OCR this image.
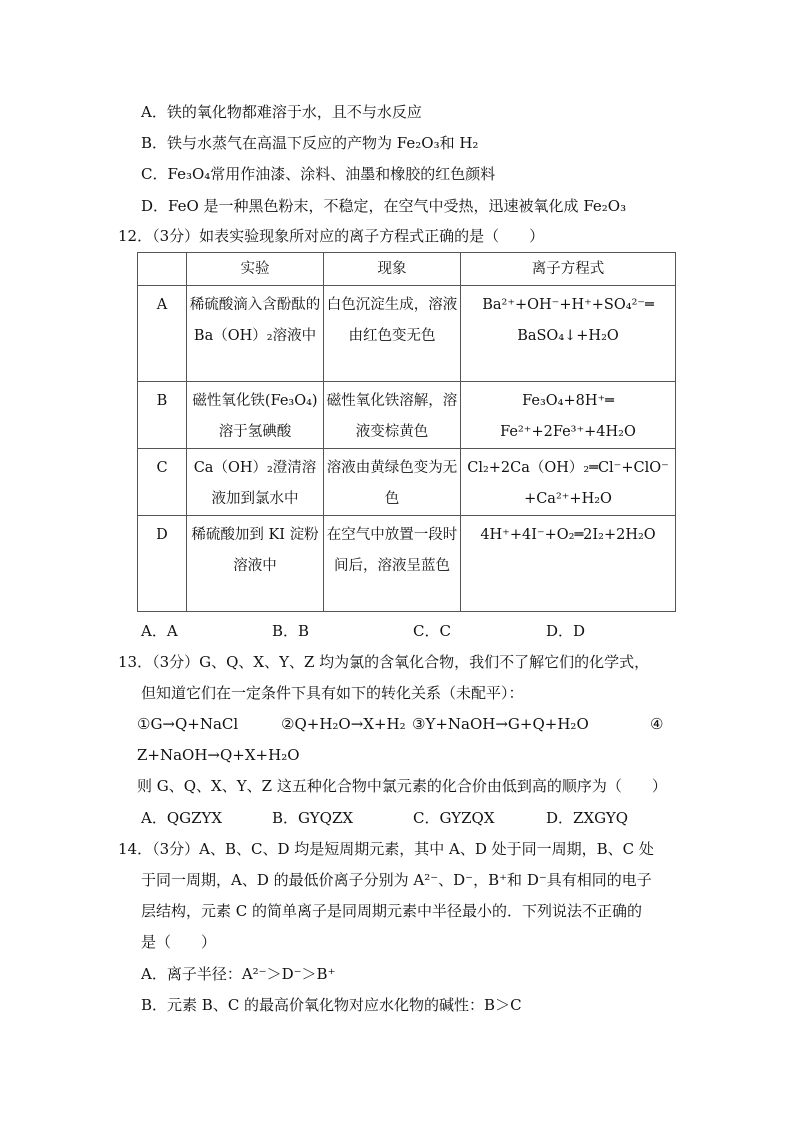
A．铁的氧化物都难溶于水，且不与水反应
B．铁与水蒸气在高温下反应的产物为 Fe₂O₃和 H₂
C．Fe₃O₄常用作油漆、涂料、油墨和橡胶的红色颜料
D．FeO 是一种黑色粉末，不稳定，在空气中受热，迅速被氧化成 Fe₂O₃
12．（3分）如表实验现象所对应的离子方程式正确的是（　　）
	实验	现象	离子方程式
A	稀硫酸滴入含酚酞的 Ba（OH）₂溶液中	白色沉淀生成，溶液由红色变无色	Ba²⁺+OH⁻+H⁺+SO₄²⁻═
BaSO₄↓+H₂O

B	磁性氧化铁(Fe₃O₄)溶于氢碘酸	磁性氧化铁溶解，溶液变棕黄色	Fe₃O₄+8H⁺═
Fe²⁺+2Fe³⁺+4H₂O

C	Ca（OH）₂澄清溶液加到氯水中	溶液由黄绿色变为无色	Cl₂+2Ca（OH）₂═Cl⁻+ClO⁻
+Ca²⁺+H₂O

D	稀硫酸加到 KI 淀粉溶液中	在空气中放置一段时间后，溶液呈蓝色	4H⁺+4I⁻+O₂═2I₂+2H₂O
A．A	B．B	C．C	D．D
13．（3分）G、Q、X、Y、Z 均为氯的含氧化合物，我们不了解它们的化学式，
但知道它们在一定条件下具有如下的转化关系（未配平）：
①G→Q+NaCl	②Q+H₂O→X+H₂ ③Y+NaOH→G+Q+H₂O	④
Z+NaOH→Q+X+H₂O
则 G、Q、X、Y、Z 这五种化合物中氯元素的化合价由低到高的顺序为（　　）
A．QGZYX	B．GYQZX	C．GYZQX	D．ZXGYQ
14．（3分）A、B、C、D 均是短周期元素，其中 A、D 处于同一周期，B、C 处
于同一周期，A、D 的最低价离子分别为 A²⁻、D⁻，B⁺和 D⁻具有相同的电子
层结构，元素 C 的简单离子是同周期元素中半径最小的．下列说法不正确的
是（　　）
A．离子半径：A²⁻＞D⁻＞B⁺
B．元素 B、C 的最高价氧化物对应水化物的碱性：B＞C
